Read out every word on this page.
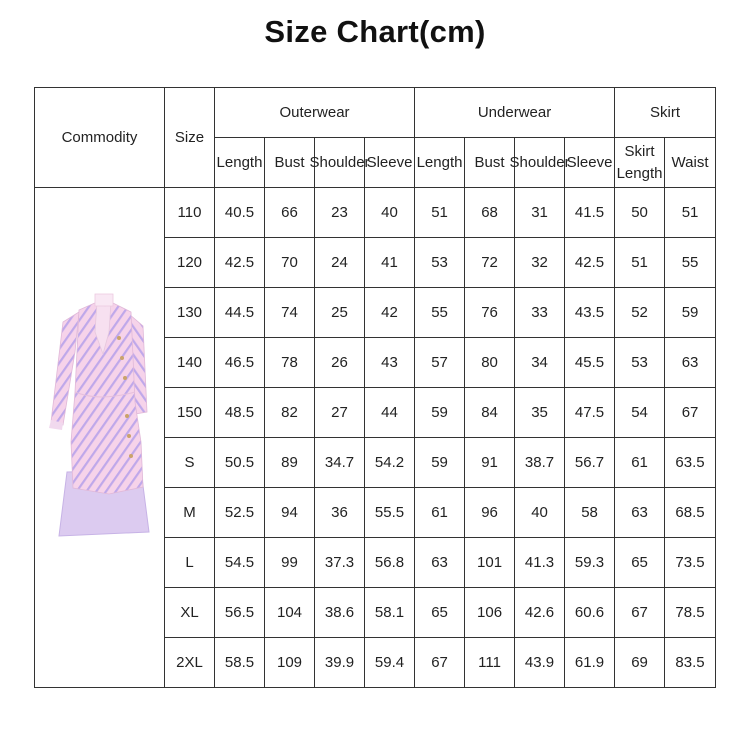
Size Chart(cm)
Commodity	Size	Outerwear				Underwear				Skirt	

Length	Bust	Shoulder	Sleeve	Length	Bust	Shoulder	Sleeve	Skirt Length	Waist

	110	40.5	66	23	40	51	68	31	41.5	50	51
	120	42.5	70	24	41	53	72	32	42.5	51	55
	130	44.5	74	25	42	55	76	33	43.5	52	59
	140	46.5	78	26	43	57	80	34	45.5	53	63
	150	48.5	82	27	44	59	84	35	47.5	54	67
	S	50.5	89	34.7	54.2	59	91	38.7	56.7	61	63.5
	M	52.5	94	36	55.5	61	96	40	58	63	68.5
	L	54.5	99	37.3	56.8	63	101	41.3	59.3	65	73.5
	XL	56.5	104	38.6	58.1	65	106	42.6	60.6	67	78.5
	2XL	58.5	109	39.9	59.4	67	111	43.9	61.9	69	83.5
